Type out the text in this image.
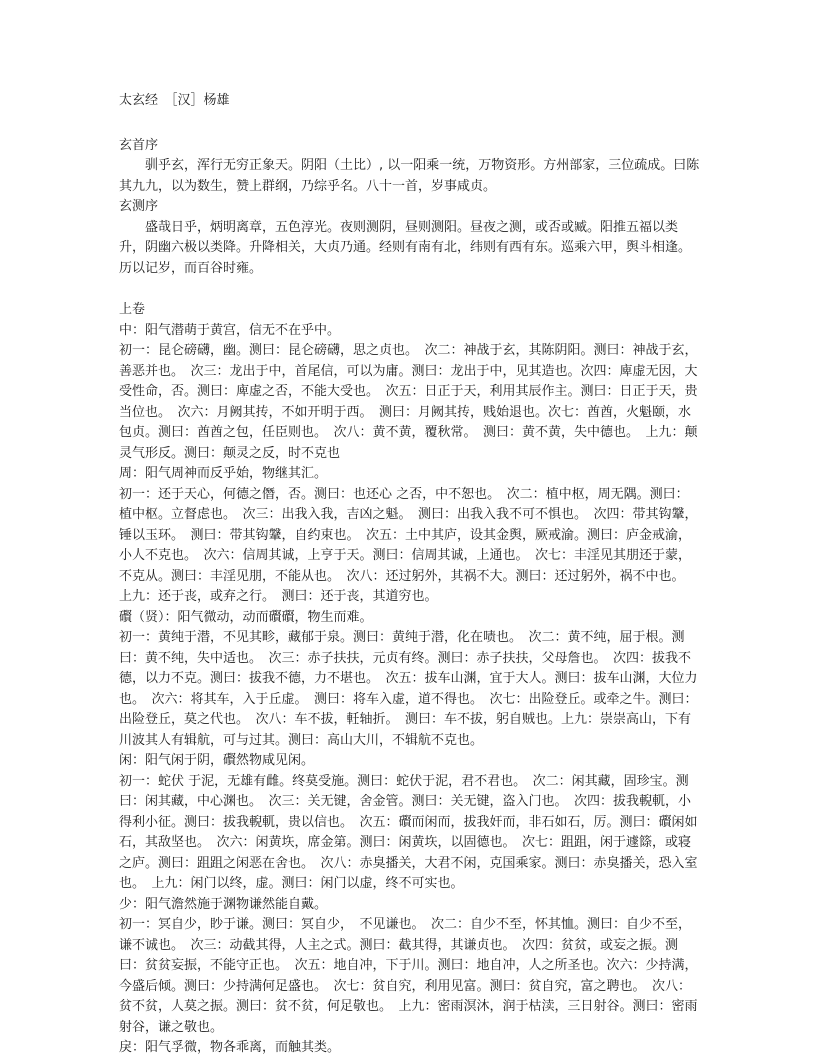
太玄经　［汉］杨雄
玄首序
驯乎玄，浑行无穷正象天。阴阳（土比）, 以一阳乘一统，万物资形。方州部家，三位疏成。曰陈其九九，以为数生，赞上群纲，乃综乎名。八十一首，岁事咸贞。
玄测序
盛哉日乎，炳明离章，五色淳光。夜则测阴，昼则测阳。昼夜之测，或否或臧。阳推五福以类升，阴幽六极以类降。升降相关，大贞乃通。经则有南有北，纬则有西有东。巡乘六甲，舆斗相逢。历以记岁，而百谷时雍。
上卷
中：阳气潜萌于黄宫，信无不在乎中。
初一：昆仑磅礴，幽。测曰：昆仑磅礴，思之贞也。　次二：神战于玄，其陈阴阳。测曰：神战于玄，善恶并也。　次三：龙出于中，首尾信，可以为庸。测曰：龙出于中，见其造也。次四：庳虚无因，大受性命，否。测曰：庳虚之否，不能大受也。　次五：日正于天，利用其辰作主。测曰：日正于天，贵当位也。　次六：月阙其抟，不如开明于西。　测曰：月阙其抟，贱始退也。次七：酋酋，火魁颐，水包贞。测曰：酋酋之包，任臣则也。　次八：黄不黄，覆秋常。　测曰：黄不黄，失中德也。　上九：颠灵气形反。测曰：颠灵之反，时不克也
周：阳气周神而反乎始，物继其汇。
初一：还于天心，何德之僭，否。测曰：也还心 之否，中不恕也。　次二：植中枢，周无隅。测曰：植中枢。立督虑也。　次三：出我入我，吉凶之魁。　测曰：出我入我不可不惧也。　次四：带其钩鞶，锤以玉环。　测曰：带其钩鞶，自约束也。　次五：土中其庐，设其金舆，厥戒渝。测曰：庐金戒渝，小人不克也。　次六：信周其诚，上亨于天。测曰：信周其诚，上通也。　次七：丰淫见其朋还于蒙，不克从。测曰：丰淫见朋，不能从也。　次八：还过躬外，其祸不大。测曰：还过躬外，祸不中也。　上九：还于丧，或弃之行。　测曰：还于丧，其道穷也。
礥（贤）：阳气微动，动而礥礥，物生而难。
初一：黄纯于潜，不见其畛，藏郁于泉。测曰：黄纯于潜，化在啧也。　次二：黄不纯，屈于根。测曰：黄不纯，失中适也。　次三：赤子扶扶，元贞有终。测曰：赤子扶扶，父母詹也。　次四：拔我不德，以力不克。测曰：拔我不德，力不堪也。　次五：拔车山渊，宜于大人。测曰：拔车山渊，大位力也。　次六：将其车，入于丘虚。　测曰：将车入虚，道不得也。　次七：出险登丘。或牵之牛。测曰：出险登丘，莫之代也。　次八：车不拔，軠轴折。　测曰：车不拔，躬自贼也。上九：崇崇高山，下有川波其人有辑航，可与过其。测曰：高山大川，不辑航不克也。
闲：阳气闲于阴，礥然物咸见闲。
初一：蛇伏 于泥，无雄有雌。终莫受施。测曰：蛇伏于泥，君不君也。　次二：闲其藏，固珍宝。测曰：闲其藏，中心渊也。　次三：关无键，舍金管。测曰：关无键，盗入门也。　次四：拔我輗軏，小得利小征。测曰：拔我輗軏，贵以信也。　次五：礥而闲而，拔我奸而，非石如石，厉。测曰：礥闲如石，其敌坚也。　次六：闲黄垁，席金第。测曰：闲黄垁，以固德也。　次七：跙跙，闲于遽篨，或寝之庐。测曰：跙跙之闲恶在舍也。　次八：赤臭播关，大君不闲，克国乘家。测曰：赤臭播关，恐入室也。　上九：闲门以终，虚。测曰：闲门以虚，终不可实也。
少：阳气澹然施于渊物谦然能自戴。
初一：冥自少，眇于谦。测曰：冥自少，　不见谦也。　次二：自少不至，怀其恤。测曰：自少不至，谦不诚也。　次三：动截其得，人主之式。测曰：截其得，其谦贞也。　次四：贫贫，或妄之振。测曰：贫贫妄振，不能守正也。　次五：地自冲，下于川。测曰：地自冲，人之所圣也。次六：少持满，今盛后倾。测曰：少持满何足盛也。　次七：贫自究，利用见富。测曰：贫自究，富之聘也。　次八：贫不贫，人莫之振。测曰：贫不贫，何足敬也。　上九：密雨溟沐，润于枯渎，三日射谷。测曰：密雨射谷，谦之敬也。
戾：阳气孚微，物各乖离，而触其类。
